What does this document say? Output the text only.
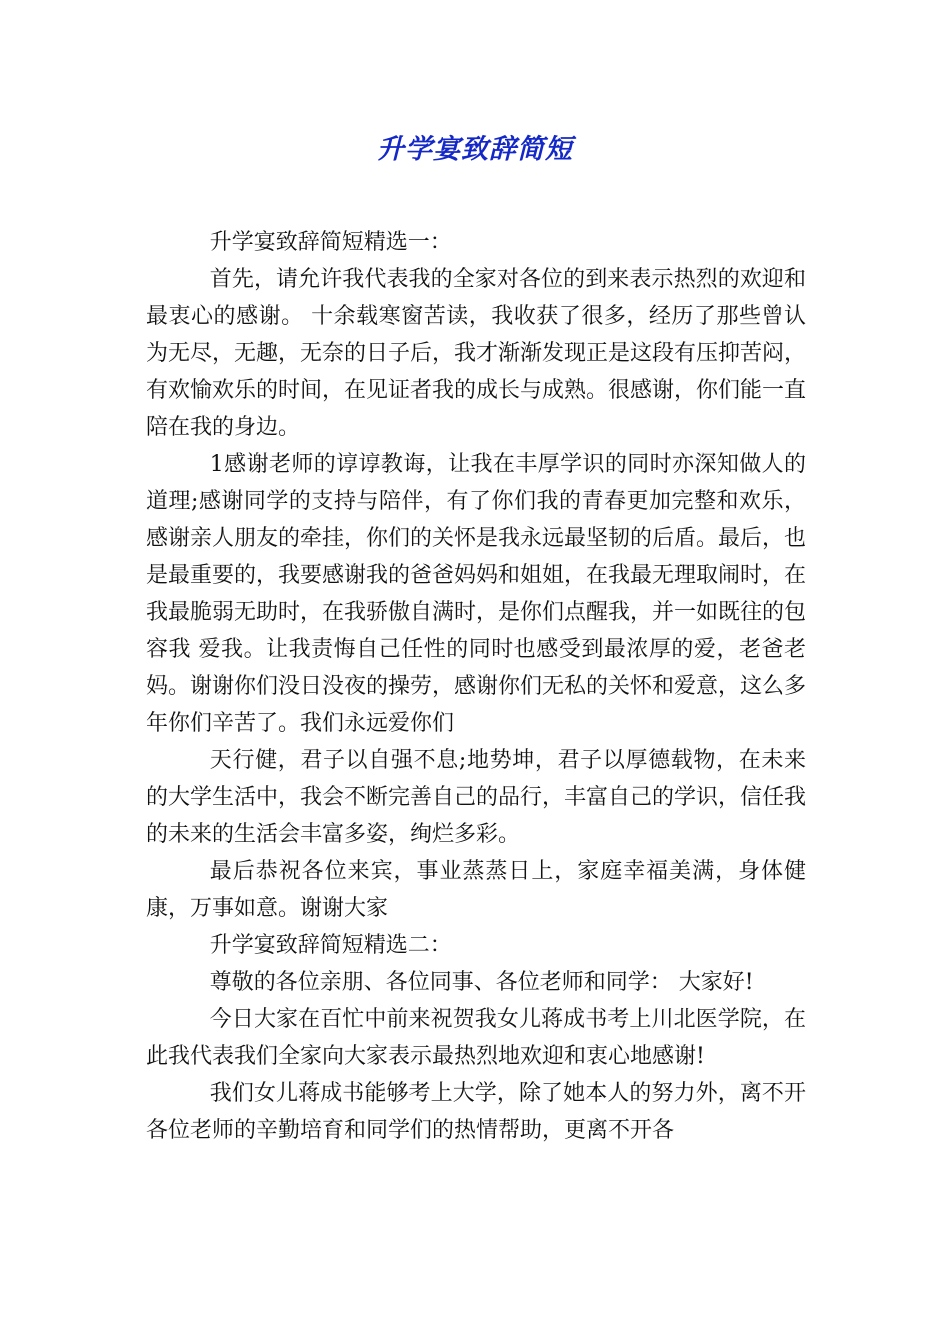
升学宴致辞简短

升学宴致辞简短精选一：

首先，请允许我代表我的全家对各位的到来表示热烈的欢迎和最衷心的感谢。 十余载寒窗苦读，我收获了很多，经历了那些曾认为无尽，无趣，无奈的日子后，我才渐渐发现正是这段有压抑苦闷，有欢愉欢乐的时间，在见证者我的成长与成熟。很感谢，你们能一直陪在我的身边。

1感谢老师的谆谆教诲，让我在丰厚学识的同时亦深知做人的道理;感谢同学的支持与陪伴，有了你们我的青春更加完整和欢乐，感谢亲人朋友的牵挂，你们的关怀是我永远最坚韧的后盾。最后，也是最重要的，我要感谢我的爸爸妈妈和姐姐，在我最无理取闹时，在我最脆弱无助时，在我骄傲自满时，是你们点醒我，并一如既往的包容我 爱我。让我责悔自己任性的同时也感受到最浓厚的爱，老爸老妈。谢谢你们没日没夜的操劳，感谢你们无私的关怀和爱意，这么多年你们辛苦了。我们永远爱你们

天行健，君子以自强不息;地势坤，君子以厚德载物，在未来的大学生活中，我会不断完善自己的品行，丰富自己的学识，信任我的未来的生活会丰富多姿，绚烂多彩。

最后恭祝各位来宾，事业蒸蒸日上，家庭幸福美满，身体健康，万事如意。谢谢大家

升学宴致辞简短精选二：

尊敬的各位亲朋、各位同事、各位老师和同学： 大家好!

今日大家在百忙中前来祝贺我女儿蒋成书考上川北医学院，在此我代表我们全家向大家表示最热烈地欢迎和衷心地感谢!

我们女儿蒋成书能够考上大学，除了她本人的努力外，离不开各位老师的辛勤培育和同学们的热情帮助，更离不开各
